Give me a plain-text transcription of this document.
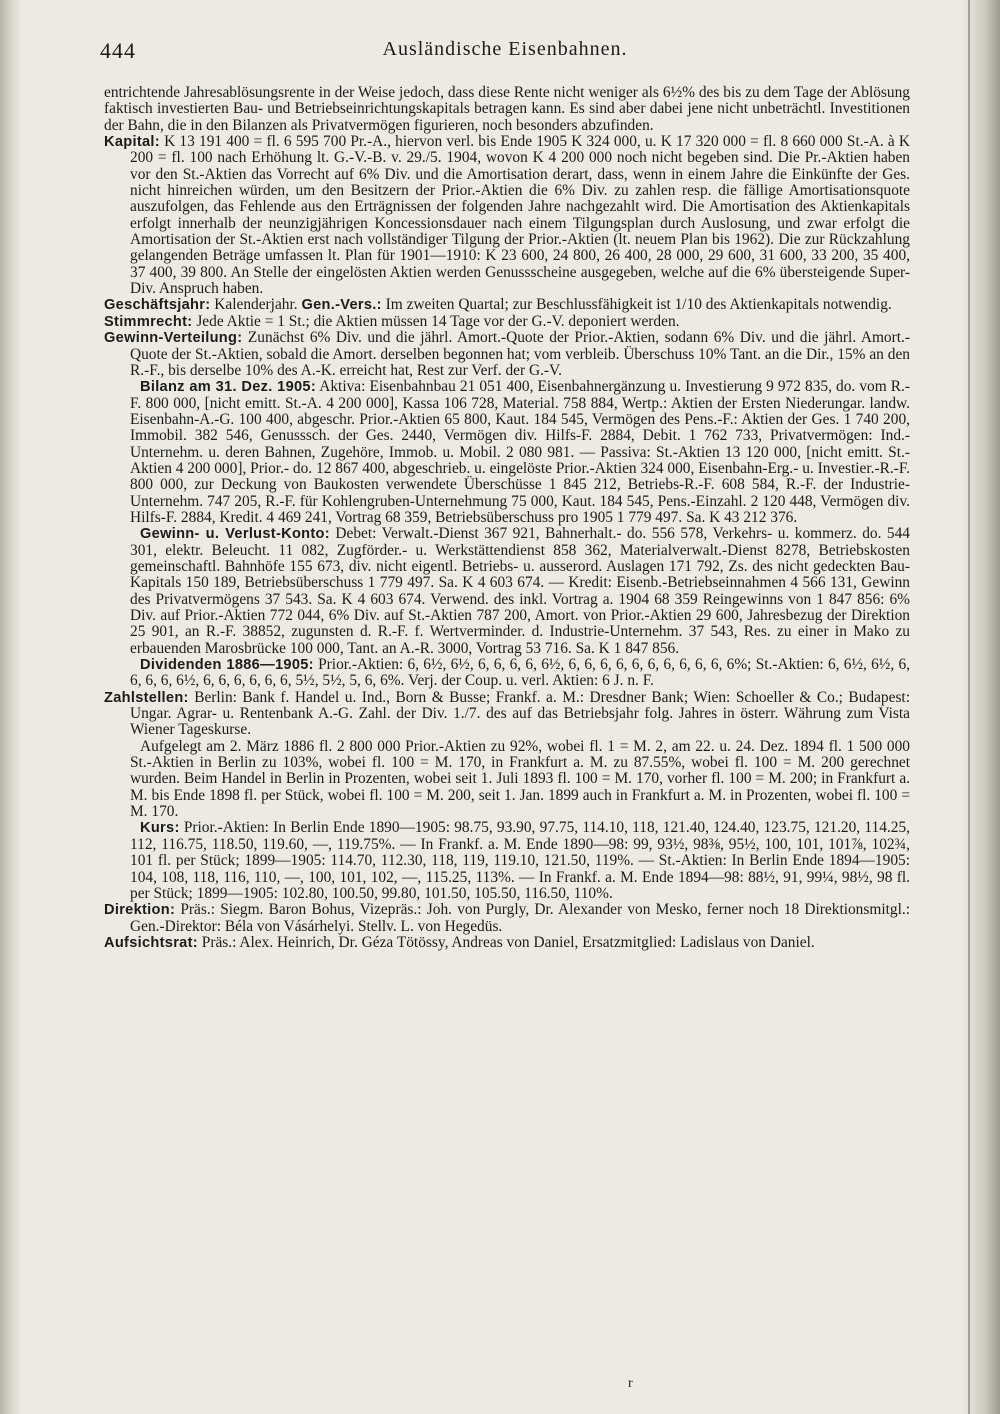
444	Ausländische Eisenbahnen.

entrichtende Jahresablösungsrente in der Weise jedoch, dass diese Rente nicht weniger als 6½% des bis zu dem Tage der Ablösung faktisch investierten Bau- und Betriebseinrichtungskapitals betragen kann. Es sind aber dabei jene nicht unbeträchtl. Investitionen der Bahn, die in den Bilanzen als Privatvermögen figurieren, noch besonders abzufinden.

Kapital: K 13 191 400 = fl. 6 595 700 Pr.-A., hiervon verl. bis Ende 1905 K 324 000, u. K 17 320 000 = fl. 8 660 000 St.-A. à K 200 = fl. 100 nach Erhöhung lt. G.-V.-B. v. 29./5. 1904, wovon K 4 200 000 noch nicht begeben sind. Die Pr.-Aktien haben vor den St.-Aktien das Vorrecht auf 6% Div. und die Amortisation derart, dass, wenn in einem Jahre die Einkünfte der Ges. nicht hinreichen würden, um den Besitzern der Prior.-Aktien die 6% Div. zu zahlen resp. die fällige Amortisationsquote auszufolgen, das Fehlende aus den Erträgnissen der folgenden Jahre nachgezahlt wird. Die Amortisation des Aktienkapitals erfolgt innerhalb der neunzigjährigen Koncessionsdauer nach einem Tilgungsplan durch Auslosung, und zwar erfolgt die Amortisation der St.-Aktien erst nach vollständiger Tilgung der Prior.-Aktien (lt. neuem Plan bis 1962). Die zur Rückzahlung gelangenden Beträge umfassen lt. Plan für 1901—1910: K 23 600, 24 800, 26 400, 28 000, 29 600, 31 600, 33 200, 35 400, 37 400, 39 800. An Stelle der eingelösten Aktien werden Genussscheine ausgegeben, welche auf die 6% übersteigende Super-Div. Anspruch haben.

Geschäftsjahr: Kalenderjahr. Gen.-Vers.: Im zweiten Quartal; zur Beschlussfähigkeit ist 1/10 des Aktienkapitals notwendig.

Stimmrecht: Jede Aktie = 1 St.; die Aktien müssen 14 Tage vor der G.-V. deponiert werden.

Gewinn-Verteilung: Zunächst 6% Div. und die jährl. Amort.-Quote der Prior.-Aktien, sodann 6% Div. und die jährl. Amort.-Quote der St.-Aktien, sobald die Amort. derselben begonnen hat; vom verbleib. Überschuss 10% Tant. an die Dir., 15% an den R.-F., bis derselbe 10% des A.-K. erreicht hat, Rest zur Verf. der G.-V.

Bilanz am 31. Dez. 1905: Aktiva: Eisenbahnbau 21 051 400, Eisenbahnergänzung u. Investierung 9 972 835, do. vom R.-F. 800 000, [nicht emitt. St.-A. 4 200 000], Kassa 106 728, Material. 758 884, Wertp.: Aktien der Ersten Niederungar. landw. Eisenbahn-A.-G. 100 400, abgeschr. Prior.-Aktien 65 800, Kaut. 184 545, Vermögen des Pens.-F.: Aktien der Ges. 1 740 200, Immobil. 382 546, Genusssch. der Ges. 2440, Vermögen div. Hilfs-F. 2884, Debit. 1 762 733, Privatvermögen: Ind.-Unternehm. u. deren Bahnen, Zugehöre, Immob. u. Mobil. 2 080 981. — Passiva: St.-Aktien 13 120 000, [nicht emitt. St.-Aktien 4 200 000], Prior.- do. 12 867 400, abgeschrieb. u. eingelöste Prior.-Aktien 324 000, Eisenbahn-Erg.- u. Investier.-R.-F. 800 000, zur Deckung von Baukosten verwendete Überschüsse 1 845 212, Betriebs-R.-F. 608 584, R.-F. der Industrie-Unternehm. 747 205, R.-F. für Kohlengruben-Unternehmung 75 000, Kaut. 184 545, Pens.-Einzahl. 2 120 448, Vermögen div. Hilfs-F. 2884, Kredit. 4 469 241, Vortrag 68 359, Betriebsüberschuss pro 1905 1 779 497. Sa. K 43 212 376.

Gewinn- u. Verlust-Konto: Debet: Verwalt.-Dienst 367 921, Bahnerhalt.- do. 556 578, Verkehrs- u. kommerz. do. 544 301, elektr. Beleucht. 11 082, Zugförder.- u. Werkstättendienst 858 362, Materialverwalt.-Dienst 8278, Betriebskosten gemeinschaftl. Bahnhöfe 155 673, div. nicht eigentl. Betriebs- u. ausserord. Auslagen 171 792, Zs. des nicht gedeckten Bau-Kapitals 150 189, Betriebsüberschuss 1 779 497. Sa. K 4 603 674. — Kredit: Eisenb.-Betriebseinnahmen 4 566 131, Gewinn des Privatvermögens 37 543. Sa. K 4 603 674. Verwend. des inkl. Vortrag a. 1904 68 359 Reingewinns von 1 847 856: 6% Div. auf Prior.-Aktien 772 044, 6% Div. auf St.-Aktien 787 200, Amort. von Prior.-Aktien 29 600, Jahresbezug der Direktion 25 901, an R.-F. 38852, zugunsten d. R.-F. f. Wertverminder. d. Industrie-Unternehm. 37 543, Res. zu einer in Mako zu erbauenden Marosbrücke 100 000, Tant. an A.-R. 3000, Vortrag 53 716. Sa. K 1 847 856.

Dividenden 1886—1905: Prior.-Aktien: 6, 6½, 6½, 6, 6, 6, 6, 6½, 6, 6, 6, 6, 6, 6, 6, 6, 6, 6, 6%; St.-Aktien: 6, 6½, 6½, 6, 6, 6, 6, 6½, 6, 6, 6, 6, 6, 6, 5½, 5½, 5, 6, 6%. Verj. der Coup. u. verl. Aktien: 6 J. n. F.

Zahlstellen: Berlin: Bank f. Handel u. Ind., Born & Busse; Frankf. a. M.: Dresdner Bank; Wien: Schoeller & Co.; Budapest: Ungar. Agrar- u. Rentenbank A.-G. Zahl. der Div. 1./7. des auf das Betriebsjahr folg. Jahres in österr. Währung zum Vista Wiener Tageskurse.

Aufgelegt am 2. März 1886 fl. 2 800 000 Prior.-Aktien zu 92%, wobei fl. 1 = M. 2, am 22. u. 24. Dez. 1894 fl. 1 500 000 St.-Aktien in Berlin zu 103%, wobei fl. 100 = M. 170, in Frankfurt a. M. zu 87.55%, wobei fl. 100 = M. 200 gerechnet wurden. Beim Handel in Berlin in Prozenten, wobei seit 1. Juli 1893 fl. 100 = M. 170, vorher fl. 100 = M. 200; in Frankfurt a. M. bis Ende 1898 fl. per Stück, wobei fl. 100 = M. 200, seit 1. Jan. 1899 auch in Frankfurt a. M. in Prozenten, wobei fl. 100 = M. 170.

Kurs: Prior.-Aktien: In Berlin Ende 1890—1905: 98.75, 93.90, 97.75, 114.10, 118, 121.40, 124.40, 123.75, 121.20, 114.25, 112, 116.75, 118.50, 119.60, —, 119.75%. — In Frankf. a. M. Ende 1890—98: 99, 93½, 98⅜, 95½, 100, 101, 101⅞, 102¾, 101 fl. per Stück; 1899—1905: 114.70, 112.30, 118, 119, 119.10, 121.50, 119%. — St.-Aktien: In Berlin Ende 1894—1905: 104, 108, 118, 116, 110, —, 100, 101, 102, —, 115.25, 113%. — In Frankf. a. M. Ende 1894—98: 88½, 91, 99¼, 98½, 98 fl. per Stück; 1899—1905: 102.80, 100.50, 99.80, 101.50, 105.50, 116.50, 110%.

Direktion: Präs.: Siegm. Baron Bohus, Vizepräs.: Joh. von Purgly, Dr. Alexander von Mesko, ferner noch 18 Direktionsmitgl.: Gen.-Direktor: Béla von Vásárhelyi. Stellv. L. von Hegedüs.

Aufsichtsrat: Präs.: Alex. Heinrich, Dr. Géza Tötössy, Andreas von Daniel, Ersatzmitglied: Ladislaus von Daniel.

r
